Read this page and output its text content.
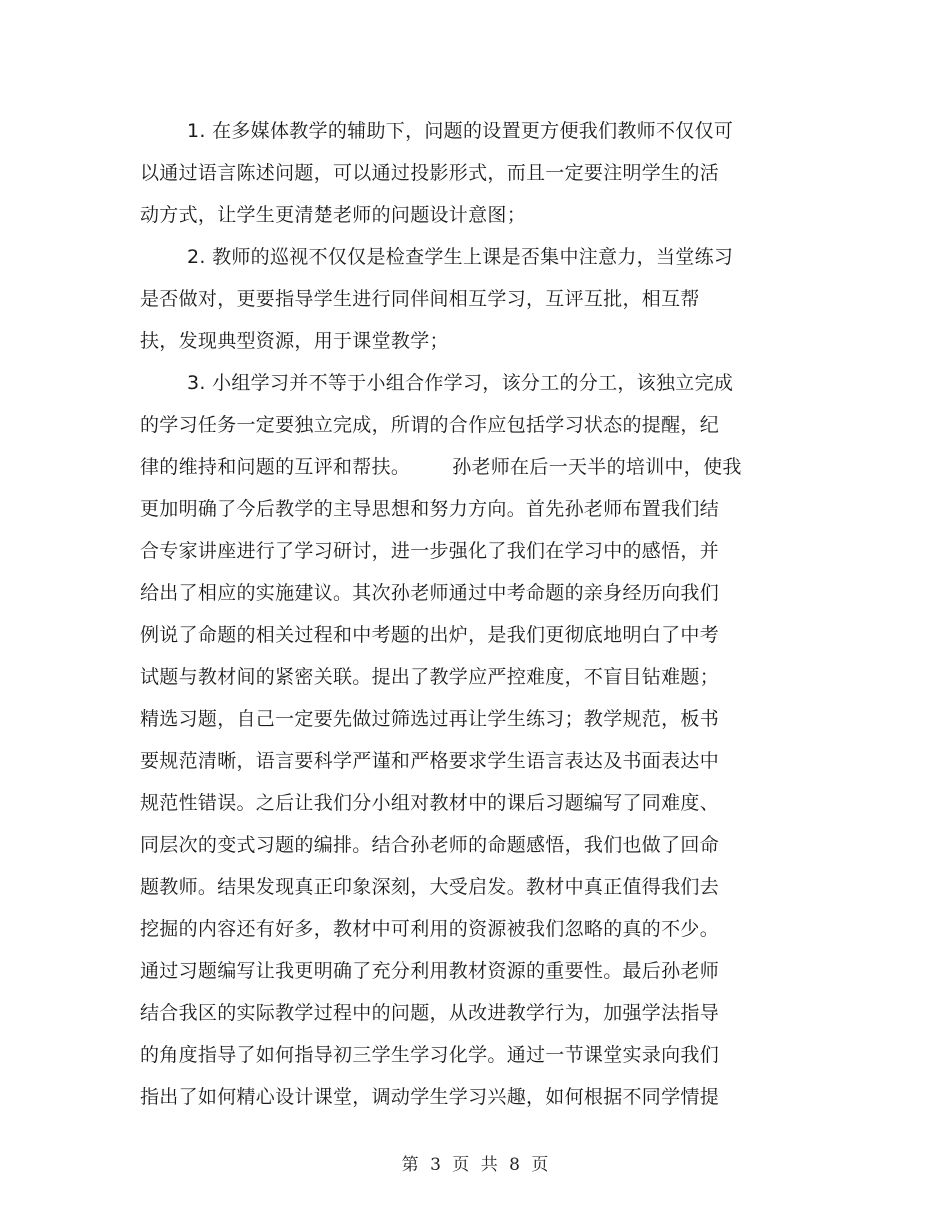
1. 在多媒体教学的辅助下，问题的设置更方便我们教师不仅仅可
以通过语言陈述问题，可以通过投影形式，而且一定要注明学生的活
动方式，让学生更清楚老师的问题设计意图；
2. 教师的巡视不仅仅是检查学生上课是否集中注意力，当堂练习
是否做对，更要指导学生进行同伴间相互学习，互评互批，相互帮
扶，发现典型资源，用于课堂教学；
3. 小组学习并不等于小组合作学习，该分工的分工，该独立完成
的学习任务一定要独立完成，所谓的合作应包括学习状态的提醒，纪
律的维持和问题的互评和帮扶。 孙老师在后一天半的培训中，使我
更加明确了今后教学的主导思想和努力方向。首先孙老师布置我们结
合专家讲座进行了学习研讨，进一步强化了我们在学习中的感悟，并
给出了相应的实施建议。其次孙老师通过中考命题的亲身经历向我们
例说了命题的相关过程和中考题的出炉，是我们更彻底地明白了中考
试题与教材间的紧密关联。提出了教学应严控难度，不盲目钻难题；
精选习题，自己一定要先做过筛选过再让学生练习；教学规范，板书
要规范清晰，语言要科学严谨和严格要求学生语言表达及书面表达中
规范性错误。之后让我们分小组对教材中的课后习题编写了同难度、
同层次的变式习题的编排。结合孙老师的命题感悟，我们也做了回命
题教师。结果发现真正印象深刻，大受启发。教材中真正值得我们去
挖掘的内容还有好多，教材中可利用的资源被我们忽略的真的不少。
通过习题编写让我更明确了充分利用教材资源的重要性。最后孙老师
结合我区的实际教学过程中的问题，从改进教学行为，加强学法指导
的角度指导了如何指导初三学生学习化学。通过一节课堂实录向我们
指出了如何精心设计课堂，调动学生学习兴趣，如何根据不同学情提
第 3 页 共 8 页
